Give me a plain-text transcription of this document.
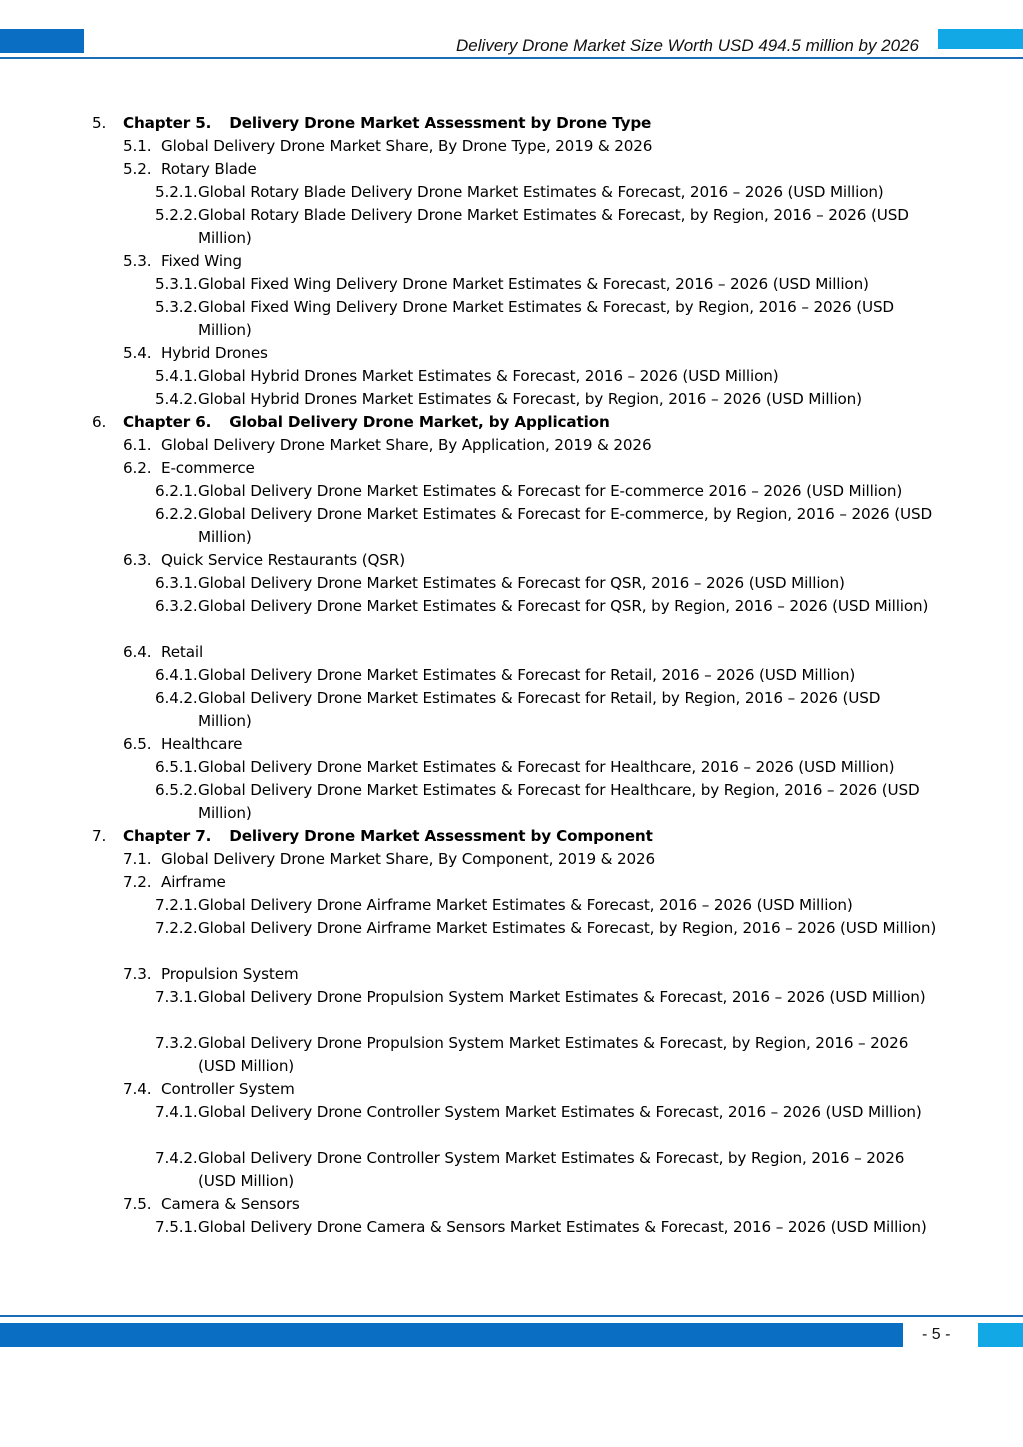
Delivery Drone Market Size Worth USD 494.5 million by 2026
5. Chapter 5. Delivery Drone Market Assessment by Drone Type
5.1. Global Delivery Drone Market Share, By Drone Type, 2019 & 2026
5.2. Rotary Blade
5.2.1. Global Rotary Blade Delivery Drone Market Estimates & Forecast, 2016 – 2026 (USD Million)
5.2.2. Global Rotary Blade Delivery Drone Market Estimates & Forecast, by Region, 2016 – 2026 (USD Million)
5.3. Fixed Wing
5.3.1. Global Fixed Wing Delivery Drone Market Estimates & Forecast, 2016 – 2026 (USD Million)
5.3.2. Global Fixed Wing Delivery Drone Market Estimates & Forecast, by Region, 2016 – 2026 (USD Million)
5.4. Hybrid Drones
5.4.1. Global Hybrid Drones Market Estimates & Forecast, 2016 – 2026 (USD Million)
5.4.2. Global Hybrid Drones Market Estimates & Forecast, by Region, 2016 – 2026 (USD Million)
6. Chapter 6. Global Delivery Drone Market, by Application
6.1. Global Delivery Drone Market Share, By Application, 2019 & 2026
6.2. E-commerce
6.2.1. Global Delivery Drone Market Estimates & Forecast for E-commerce 2016 – 2026 (USD Million)
6.2.2. Global Delivery Drone Market Estimates & Forecast for E-commerce, by Region, 2016 – 2026 (USD Million)
6.3. Quick Service Restaurants (QSR)
6.3.1. Global Delivery Drone Market Estimates & Forecast for QSR, 2016 – 2026 (USD Million)
6.3.2. Global Delivery Drone Market Estimates & Forecast for QSR, by Region, 2016 – 2026 (USD Million)
6.4. Retail
6.4.1. Global Delivery Drone Market Estimates & Forecast for Retail, 2016 – 2026 (USD Million)
6.4.2. Global Delivery Drone Market Estimates & Forecast for Retail, by Region, 2016 – 2026 (USD Million)
6.5. Healthcare
6.5.1. Global Delivery Drone Market Estimates & Forecast for Healthcare, 2016 – 2026 (USD Million)
6.5.2. Global Delivery Drone Market Estimates & Forecast for Healthcare, by Region, 2016 – 2026 (USD Million)
7. Chapter 7. Delivery Drone Market Assessment by Component
7.1. Global Delivery Drone Market Share, By Component, 2019 & 2026
7.2. Airframe
7.2.1. Global Delivery Drone Airframe Market Estimates & Forecast, 2016 – 2026 (USD Million)
7.2.2. Global Delivery Drone Airframe Market Estimates & Forecast, by Region, 2016 – 2026 (USD Million)
7.3. Propulsion System
7.3.1. Global Delivery Drone Propulsion System Market Estimates & Forecast, 2016 – 2026 (USD Million)
7.3.2. Global Delivery Drone Propulsion System Market Estimates & Forecast, by Region, 2016 – 2026 (USD Million)
7.4. Controller System
7.4.1. Global Delivery Drone Controller System Market Estimates & Forecast, 2016 – 2026 (USD Million)
7.4.2. Global Delivery Drone Controller System Market Estimates & Forecast, by Region, 2016 – 2026 (USD Million)
7.5. Camera & Sensors
7.5.1. Global Delivery Drone Camera & Sensors Market Estimates & Forecast, 2016 – 2026 (USD Million)
- 5 -
